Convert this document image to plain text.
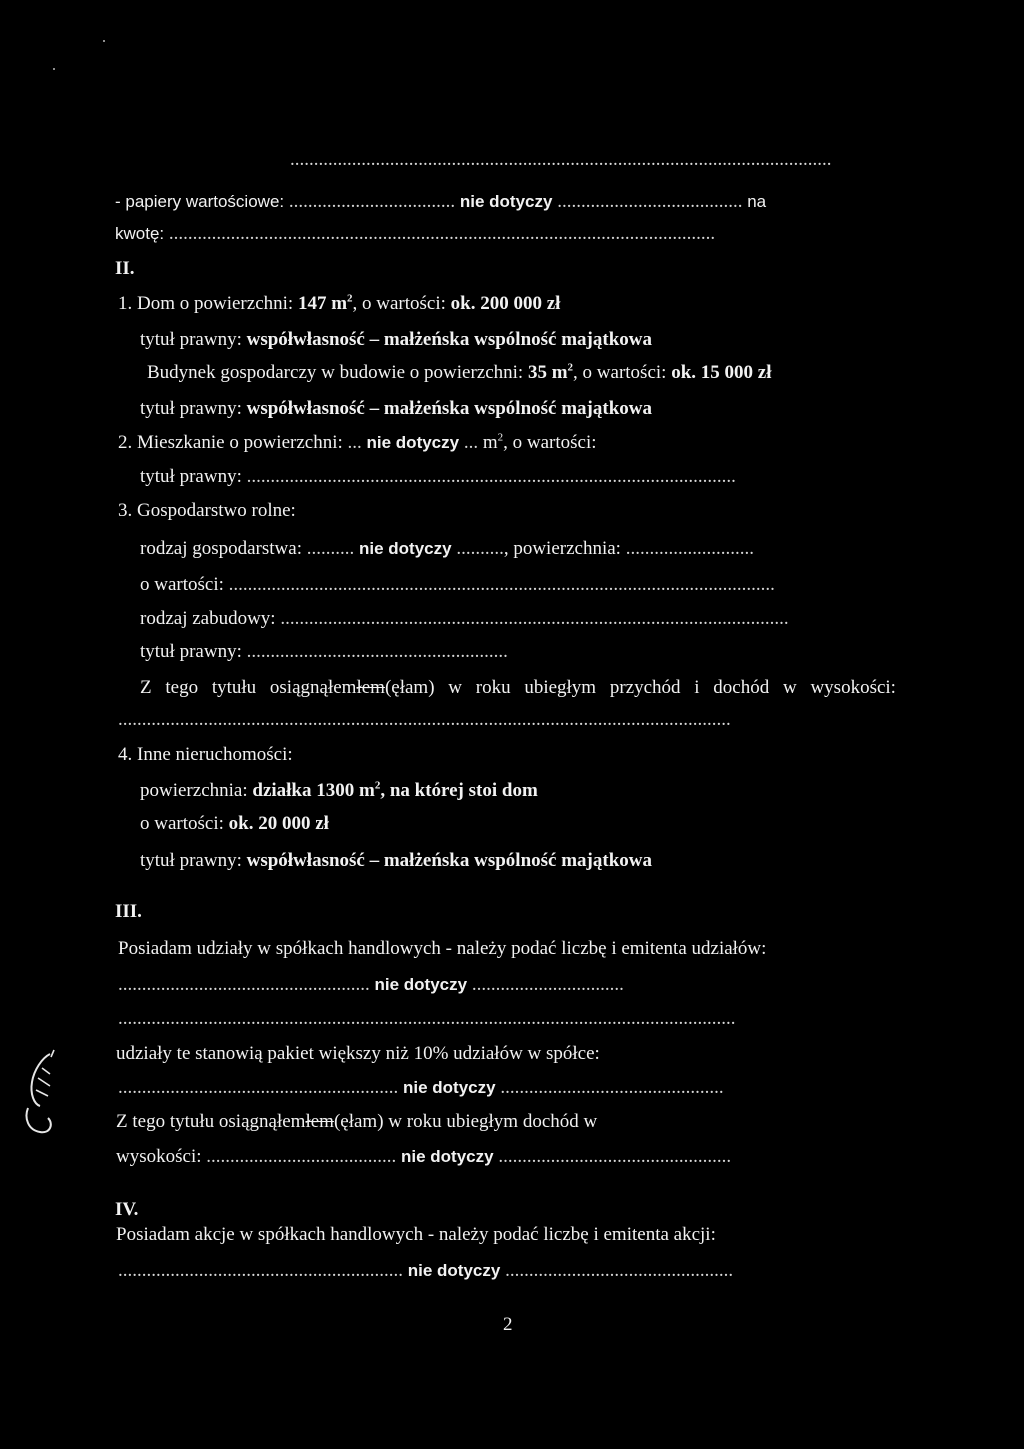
..................................................................................................................
- papiery wartościowe: ................................... nie dotyczy ....................................... na
kwotę: ...................................................................................................................
II.
1. Dom o powierzchni: 147 $m^2$, o wartości: ok. 200 000 zł
tytuł prawny: współwłasność – małżeńska wspólność majątkowa
Budynek gospodarczy w budowie o powierzchni: 35 $m^2$, o wartości: ok. 15 000 zł
tytuł prawny: współwłasność – małżeńska wspólność majątkowa
2. Mieszkanie o powierzchni: ... nie dotyczy ... $m^2$, o wartości:
tytuł prawny: .......................................................................................................
3. Gospodarstwo rolne:
rodzaj gospodarstwa: .......... nie dotyczy .........., powierzchnia: ...........................
o wartości: ...................................................................................................................
rodzaj zabudowy: ...........................................................................................................
tytuł prawny: .......................................................
Z tego tytułu osiągnąłemłem(ęłam) w roku ubiegłym przychód i dochód w wysokości:
.................................................................................................................................
4. Inne nieruchomości:
powierzchnia: działka 1300 $m^2$, na której stoi dom
o wartości: ok. 20 000 zł
tytuł prawny: współwłasność – małżeńska wspólność majątkowa
III.
Posiadam udziały w spółkach handlowych - należy podać liczbę i emitenta udziałów:
..................................................... nie dotyczy ................................
..................................................................................................................................
udziały te stanowią pakiet większy niż 10% udziałów w spółce:
........................................................... nie dotyczy ...............................................
Z tego tytułu osiągnąłemłem(ęłam) w roku ubiegłym dochód w
wysokości: ........................................ nie dotyczy .................................................
IV.
Posiadam akcje w spółkach handlowych - należy podać liczbę i emitenta akcji:
............................................................ nie dotyczy ................................................
2
